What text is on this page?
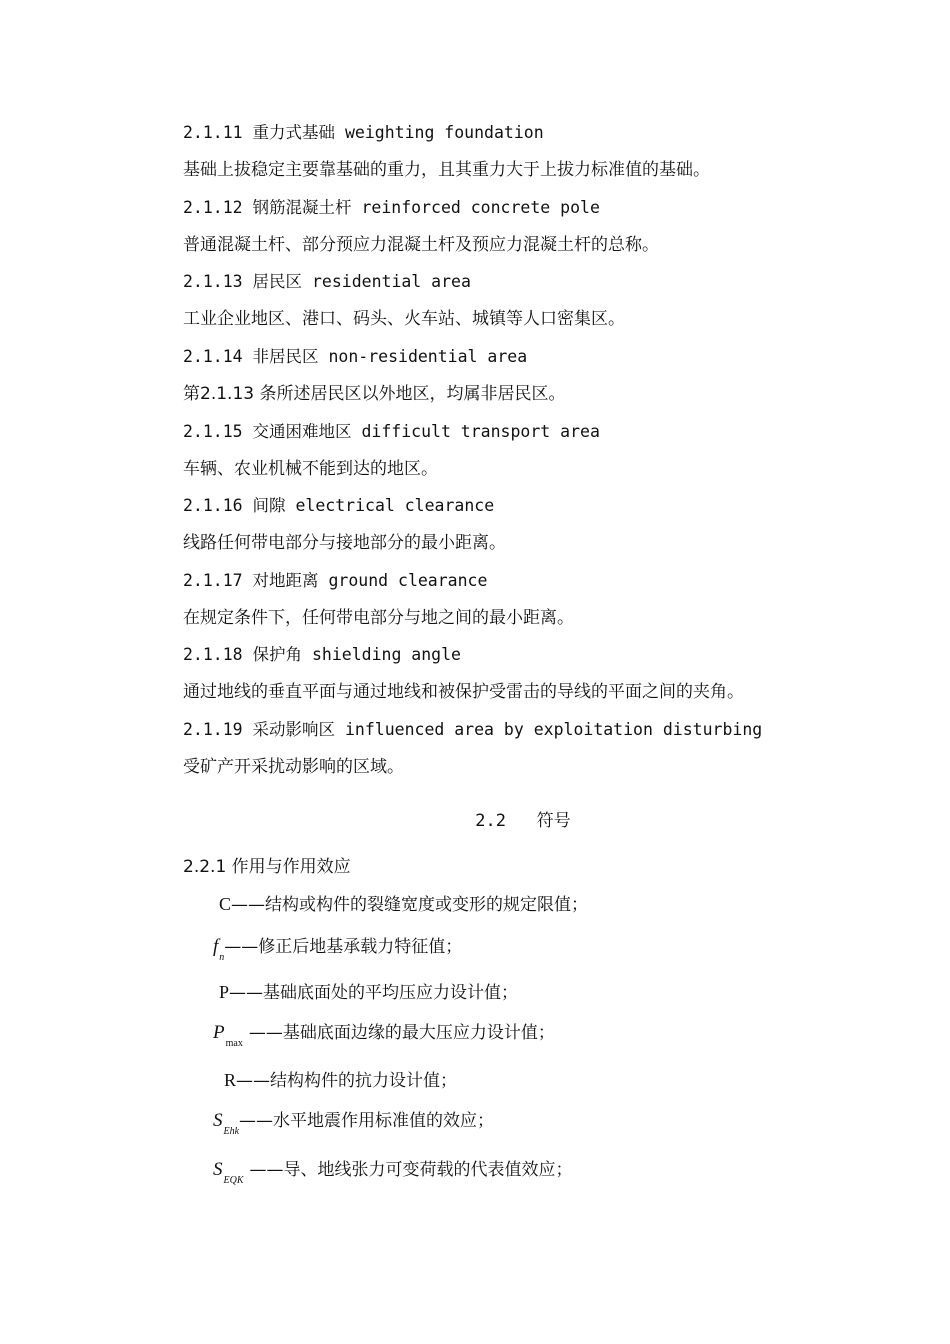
2.1.11 重力式基础 weighting foundation
基础上拔稳定主要靠基础的重力，且其重力大于上拔力标准值的基础。
2.1.12 钢筋混凝土杆 reinforced concrete pole
普通混凝土杆、部分预应力混凝土杆及预应力混凝土杆的总称。
2.1.13 居民区 residential area
工业企业地区、港口、码头、火车站、城镇等人口密集区。
2.1.14 非居民区 non-residential area
第2.1.13 条所述居民区以外地区，均属非居民区。
2.1.15 交通困难地区 difficult transport area
车辆、农业机械不能到达的地区。
2.1.16 间隙 electrical clearance
线路任何带电部分与接地部分的最小距离。
2.1.17 对地距离 ground clearance
在规定条件下，任何带电部分与地之间的最小距离。
2.1.18 保护角 shielding angle
通过地线的垂直平面与通过地线和被保护受雷击的导线的平面之间的夹角。
2.1.19 采动影响区 influenced area by exploitation disturbing
受矿产开采扰动影响的区域。
2.2 符号
2.2.1 作用与作用效应
C——结构或构件的裂缝宽度或变形的规定限值；
$f_n——$修正后地基承载力特征值；
P——基础底面处的平均压应力设计值；
$P_{max}——$基础底面边缘的最大压应力设计值；
R——结构构件的抗力设计值；
$S_{Ehk}——$水平地震作用标准值的效应；
$S_{EQK}——$导、地线张力可变荷载的代表值效应；
